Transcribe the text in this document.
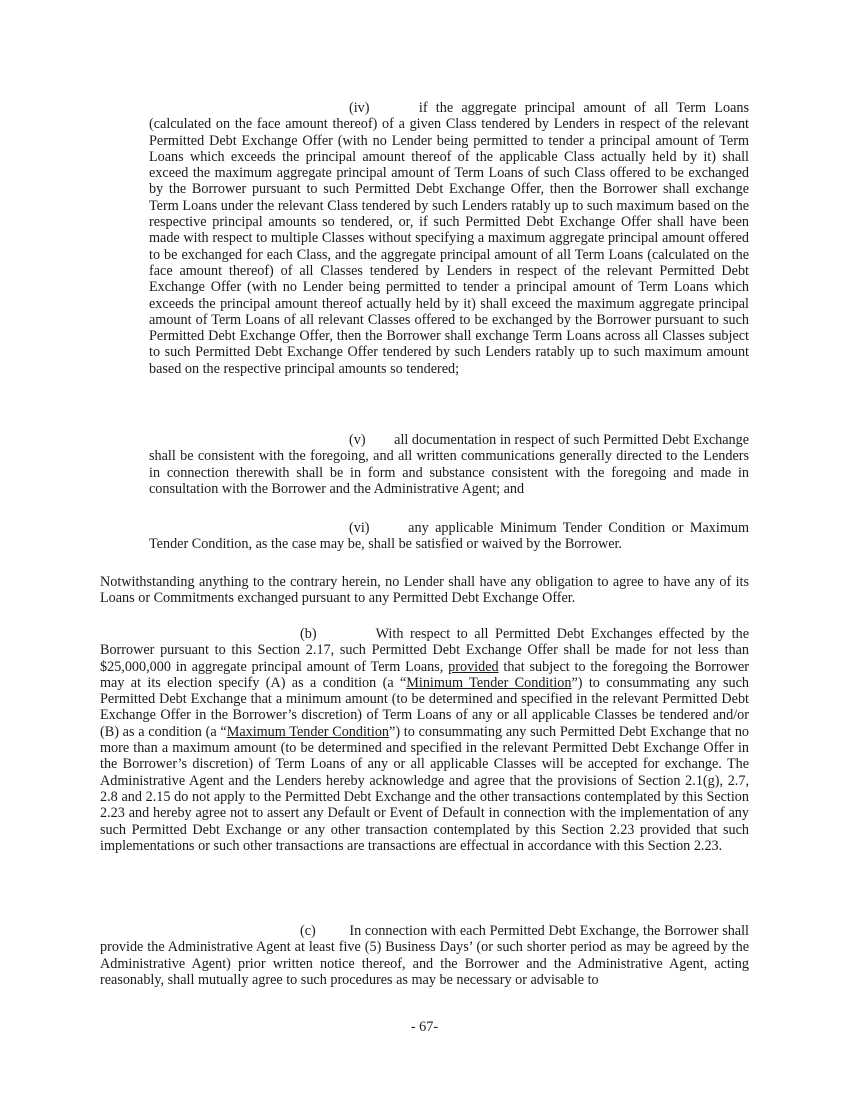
(iv)	if the aggregate principal amount of all Term Loans (calculated on the face amount thereof) of a given Class tendered by Lenders in respect of the relevant Permitted Debt Exchange Offer (with no Lender being permitted to tender a principal amount of Term Loans which exceeds the principal amount thereof of the applicable Class actually held by it) shall exceed the maximum aggregate principal amount of Term Loans of such Class offered to be exchanged by the Borrower pursuant to such Permitted Debt Exchange Offer, then the Borrower shall exchange Term Loans under the relevant Class tendered by such Lenders ratably up to such maximum based on the respective principal amounts so tendered, or, if such Permitted Debt Exchange Offer shall have been made with respect to multiple Classes without specifying a maximum aggregate principal amount offered to be exchanged for each Class, and the aggregate principal amount of all Term Loans (calculated on the face amount thereof) of all Classes tendered by Lenders in respect of the relevant Permitted Debt Exchange Offer (with no Lender being permitted to tender a principal amount of Term Loans which exceeds the principal amount thereof actually held by it) shall exceed the maximum aggregate principal amount of Term Loans of all relevant Classes offered to be exchanged by the Borrower pursuant to such Permitted Debt Exchange Offer, then the Borrower shall exchange Term Loans across all Classes subject to such Permitted Debt Exchange Offer tendered by such Lenders ratably up to such maximum amount based on the respective principal amounts so tendered;

(v) all documentation in respect of such Permitted Debt Exchange shall be consistent with the foregoing, and all written communications generally directed to the Lenders in connection therewith shall be in form and substance consistent with the foregoing and made in consultation with the Borrower and the Administrative Agent; and

(vi)	any applicable Minimum Tender Condition or Maximum Tender Condition, as the case may be, shall be satisfied or waived by the Borrower.

Notwithstanding anything to the contrary herein, no Lender shall have any obligation to agree to have any of its Loans or Commitments exchanged pursuant to any Permitted Debt Exchange Offer.

(b)	With respect to all Permitted Debt Exchanges effected by the Borrower pursuant to this Section 2.17, such Permitted Debt Exchange Offer shall be made for not less than $25,000,000 in aggregate principal amount of Term Loans, provided that subject to the foregoing the Borrower may at its election specify (A) as a condition (a “Minimum Tender Condition”) to consummating any such Permitted Debt Exchange that a minimum amount (to be determined and specified in the relevant Permitted Debt Exchange Offer in the Borrower’s discretion) of Term Loans of any or all applicable Classes be tendered and/or (B) as a condition (a “Maximum Tender Condition”) to consummating any such Permitted Debt Exchange that no more than a maximum amount (to be determined and specified in the relevant Permitted Debt Exchange Offer in the Borrower’s discretion) of Term Loans of any or all applicable Classes will be accepted for exchange. The Administrative Agent and the Lenders hereby acknowledge and agree that the provisions of Section 2.1(g), 2.7, 2.8 and 2.15 do not apply to the Permitted Debt Exchange and the other transactions contemplated by this Section 2.23 and hereby agree not to assert any Default or Event of Default in connection with the implementation of any such Permitted Debt Exchange or any other transaction contemplated by this Section 2.23 provided that such implementations or such other transactions are transactions are effectual in accordance with this Section 2.23.

(c) In connection with each Permitted Debt Exchange, the Borrower shall provide the Administrative Agent at least five (5) Business Days’ (or such shorter period as may be agreed by the Administrative Agent) prior written notice thereof, and the Borrower and the Administrative Agent, acting reasonably, shall mutually agree to such procedures as may be necessary or advisable to

- 67-
